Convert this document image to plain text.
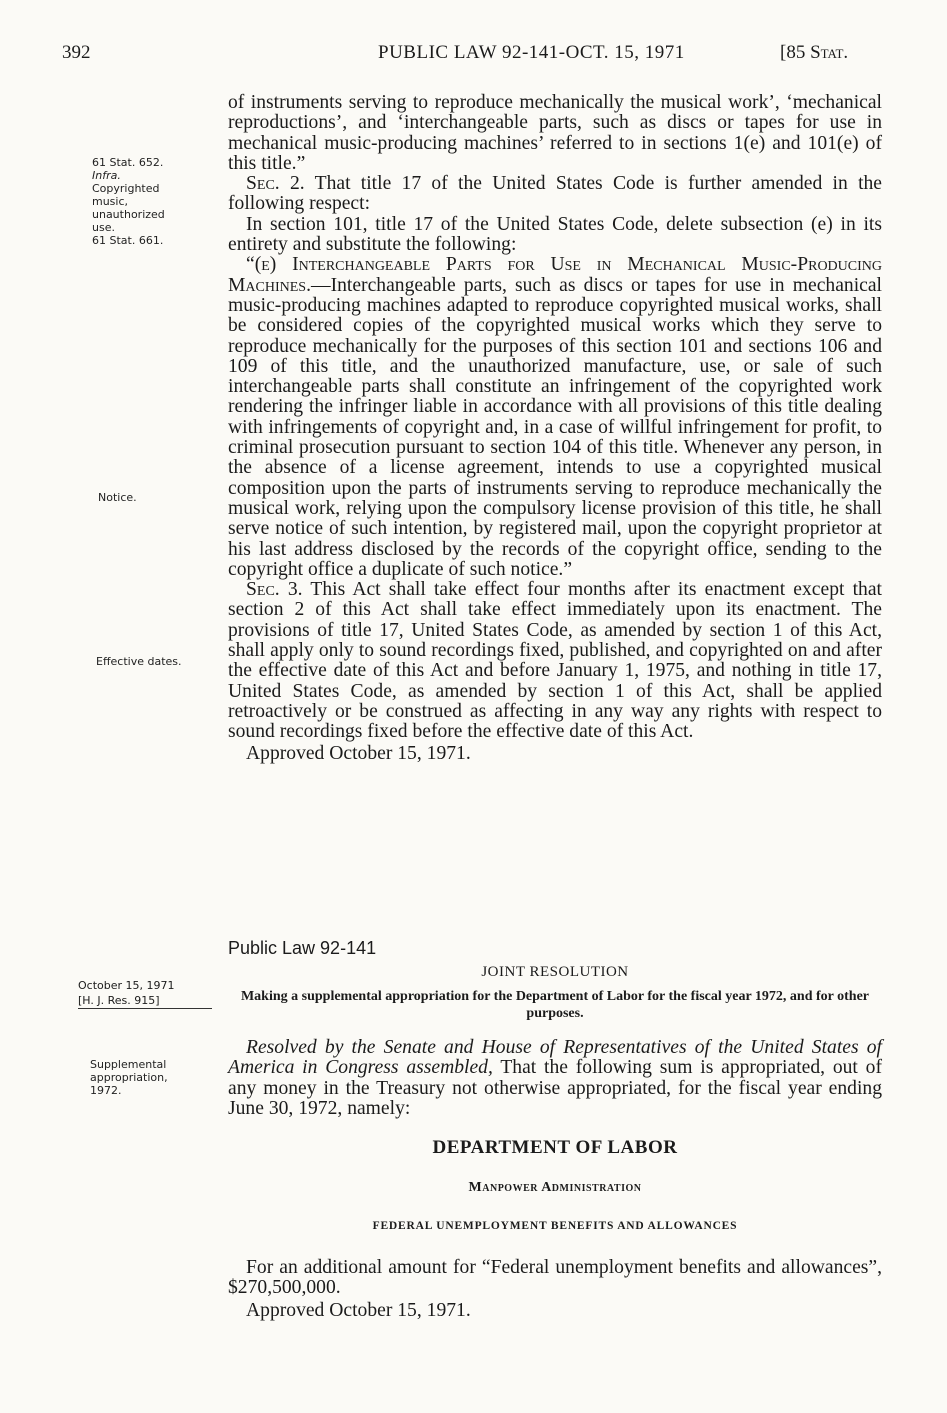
392	PUBLIC LAW 92-141-OCT. 15, 1971	[85 Stat.
61 Stat. 652.
Infra.
Copyrighted music, unauthorized use.
61 Stat. 661.
Notice.
Effective dates.

of instruments serving to reproduce mechanically the musical work’, ‘mechanical reproductions’, and ‘interchangeable parts, such as discs or tapes for use in mechanical music-producing machines’ referred to in sections 1(e) and 101(e) of this title.”

Sec. 2. That title 17 of the United States Code is further amended in the following respect:

In section 101, title 17 of the United States Code, delete subsection (e) in its entirety and substitute the following:

“(e) Interchangeable Parts for Use in Mechanical Music-Producing Machines.—Interchangeable parts, such as discs or tapes for use in mechanical music-producing machines adapted to reproduce copyrighted musical works, shall be considered copies of the copyrighted musical works which they serve to reproduce mechanically for the purposes of this section 101 and sections 106 and 109 of this title, and the unauthorized manufacture, use, or sale of such interchangeable parts shall constitute an infringement of the copyrighted work rendering the infringer liable in accordance with all provisions of this title dealing with infringements of copyright and, in a case of willful infringement for profit, to criminal prosecution pursuant to section 104 of this title. Whenever any person, in the absence of a license agreement, intends to use a copyrighted musical composition upon the parts of instruments serving to reproduce mechanically the musical work, relying upon the compulsory license provision of this title, he shall serve notice of such intention, by registered mail, upon the copyright proprietor at his last address disclosed by the records of the copyright office, sending to the copyright office a duplicate of such notice.”

Sec. 3. This Act shall take effect four months after its enactment except that section 2 of this Act shall take effect immediately upon its enactment. The provisions of title 17, United States Code, as amended by section 1 of this Act, shall apply only to sound recordings fixed, published, and copyrighted on and after the effective date of this Act and before January 1, 1975, and nothing in title 17, United States Code, as amended by section 1 of this Act, shall be applied retroactively or be construed as affecting in any way any rights with respect to sound recordings fixed before the effective date of this Act.

Approved October 15, 1971.

Public Law 92-141
JOINT RESOLUTION
Making a supplemental appropriation for the Department of Labor for the fiscal year 1972, and for other purposes.
October 15, 1971
[H. J. Res. 915]
Supplemental appropriation, 1972.

Resolved by the Senate and House of Representatives of the United States of America in Congress assembled, That the following sum is appropriated, out of any money in the Treasury not otherwise appropriated, for the fiscal year ending June 30, 1972, namely:

DEPARTMENT OF LABOR
Manpower Administration
FEDERAL UNEMPLOYMENT BENEFITS AND ALLOWANCES

For an additional amount for “Federal unemployment benefits and allowances”, $270,500,000.

Approved October 15, 1971.
